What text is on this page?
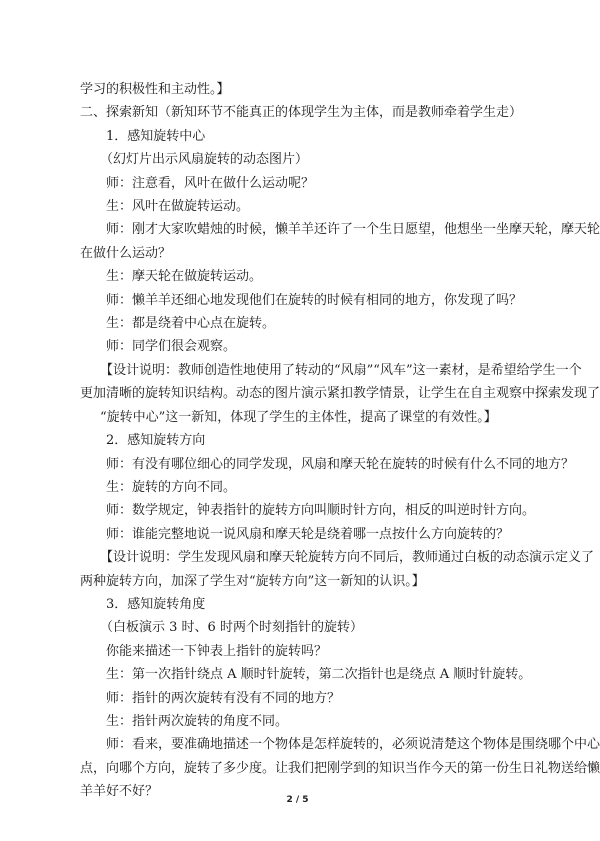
学习的积极性和主动性。】
二、探索新知（新知环节不能真正的体现学生为主体，而是教师牵着学生走）
1．感知旋转中心
（幻灯片出示风扇旋转的动态图片）
师：注意看，风叶在做什么运动呢？
生：风叶在做旋转运动。
师：刚才大家吹蜡烛的时候，懒羊羊还许了一个生日愿望，他想坐一坐摩天轮，摩天轮
在做什么运动？
生：摩天轮在做旋转运动。
师：懒羊羊还细心地发现他们在旋转的时候有相同的地方，你发现了吗？
生：都是绕着中心点在旋转。
师：同学们很会观察。
【设计说明：教师创造性地使用了转动的“风扇”“风车”这一素材，是希望给学生一个
更加清晰的旋转知识结构。动态的图片演示紧扣教学情景，让学生在自主观察中探索发现了
“旋转中心”这一新知，体现了学生的主体性，提高了课堂的有效性。】
2．感知旋转方向
师：有没有哪位细心的同学发现，风扇和摩天轮在旋转的时候有什么不同的地方？
生：旋转的方向不同。
师：数学规定，钟表指针的旋转方向叫顺时针方向，相反的叫逆时针方向。
师：谁能完整地说一说风扇和摩天轮是绕着哪一点按什么方向旋转的？
【设计说明：学生发现风扇和摩天轮旋转方向不同后，教师通过白板的动态演示定义了
两种旋转方向，加深了学生对“旋转方向”这一新知的认识。】
3．感知旋转角度
（白板演示 3 时、6 时两个时刻指针的旋转）
你能来描述一下钟表上指针的旋转吗？
生：第一次指针绕点 A 顺时针旋转，第二次指针也是绕点 A 顺时针旋转。
师：指针的两次旋转有没有不同的地方？
生：指针两次旋转的角度不同。
师：看来，要准确地描述一个物体是怎样旋转的，必须说清楚这个物体是围绕哪个中心
点，向哪个方向，旋转了多少度。让我们把刚学到的知识当作今天的第一份生日礼物送给懒
羊羊好不好？
2 / 5
